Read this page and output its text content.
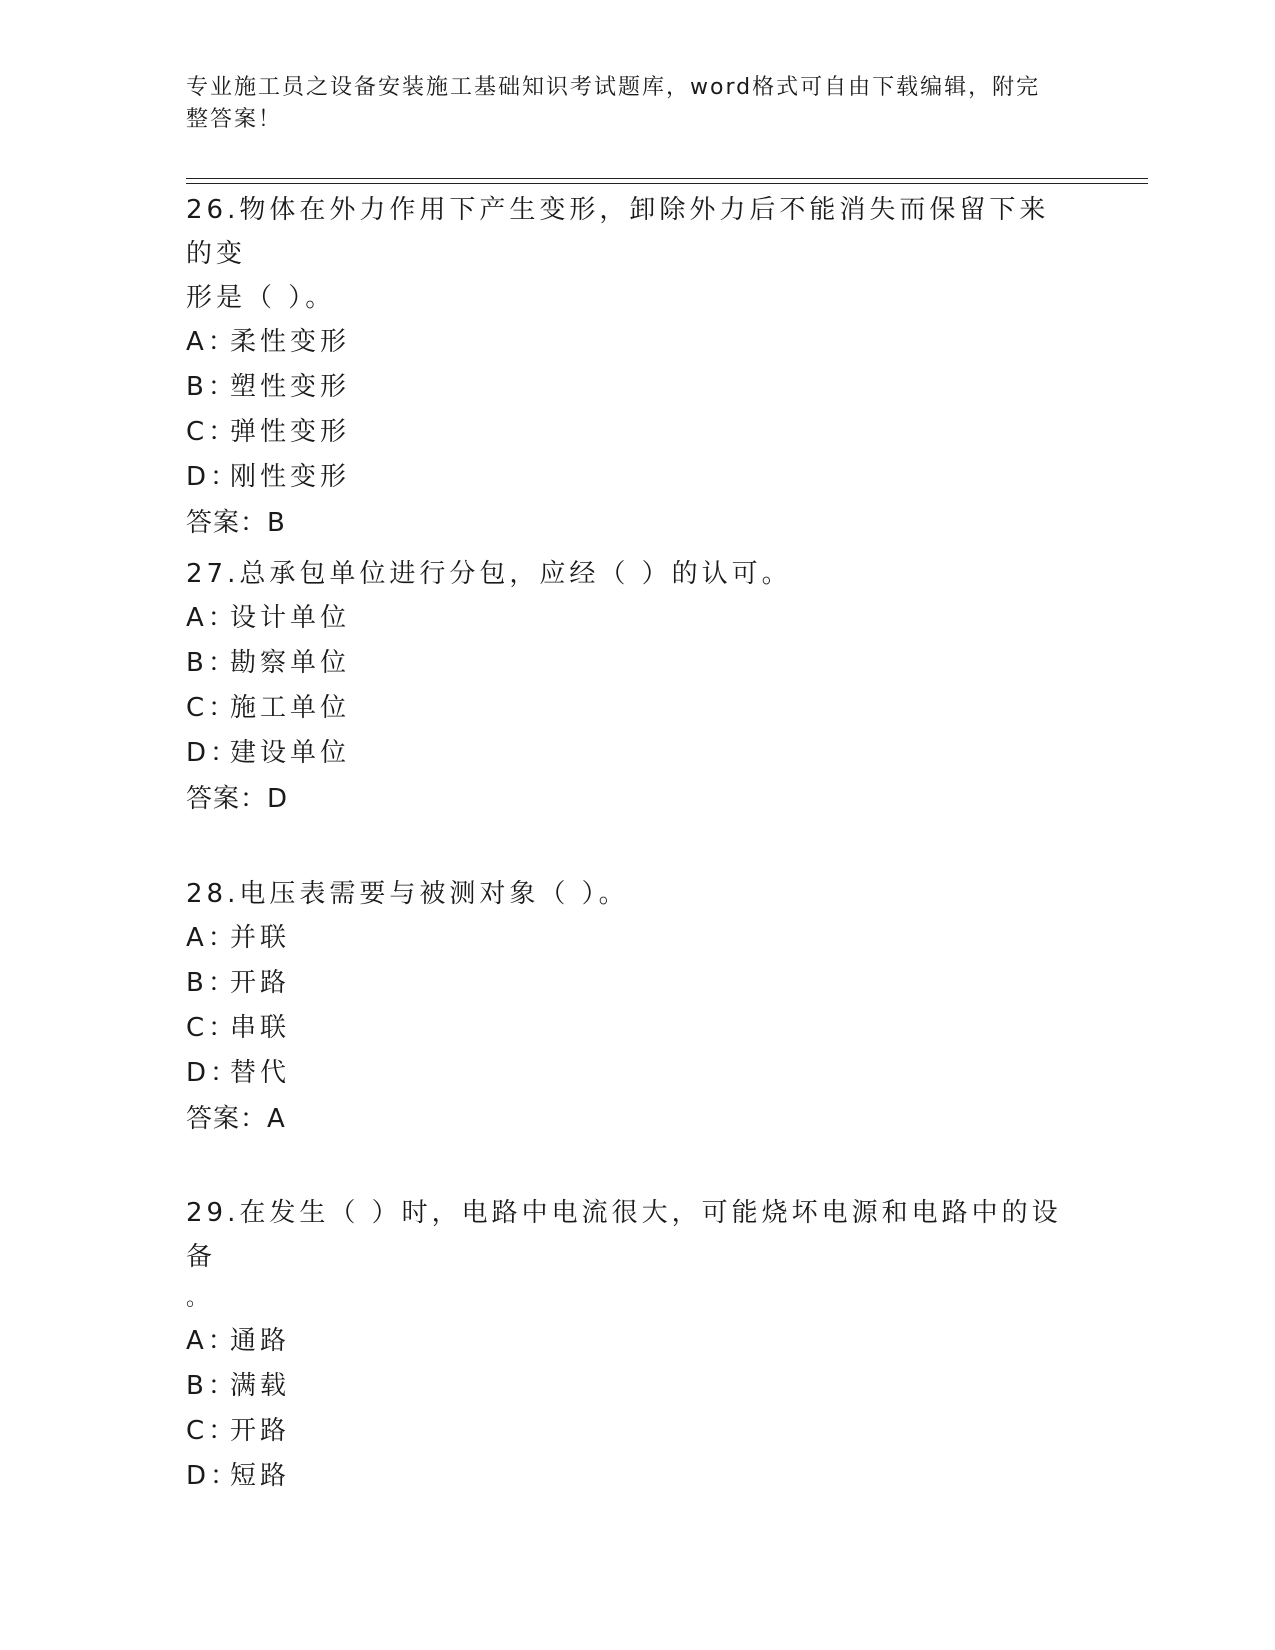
专业施工员之设备安装施工基础知识考试题库，word格式可自由下载编辑，附完
整答案！
26.物体在外力作用下产生变形，卸除外力后不能消失而保留下来的变
形是（ ）。
A：
柔性变形
B：
塑性变形
C：
弹性变形
D：
刚性变形
答案：B
27.总承包单位进行分包，应经（ ）的认可。
A：
设计单位
B：
勘察单位
C：
施工单位
D：
建设单位
答案：D
28.电压表需要与被测对象（ ）。
A：
并联
B：
开路
C：
串联
D：
替代
答案：A
29.在发生（ ）时，电路中电流很大，可能烧坏电源和电路中的设备
。
A：
通路
B：
满载
C：
开路
D：
短路
